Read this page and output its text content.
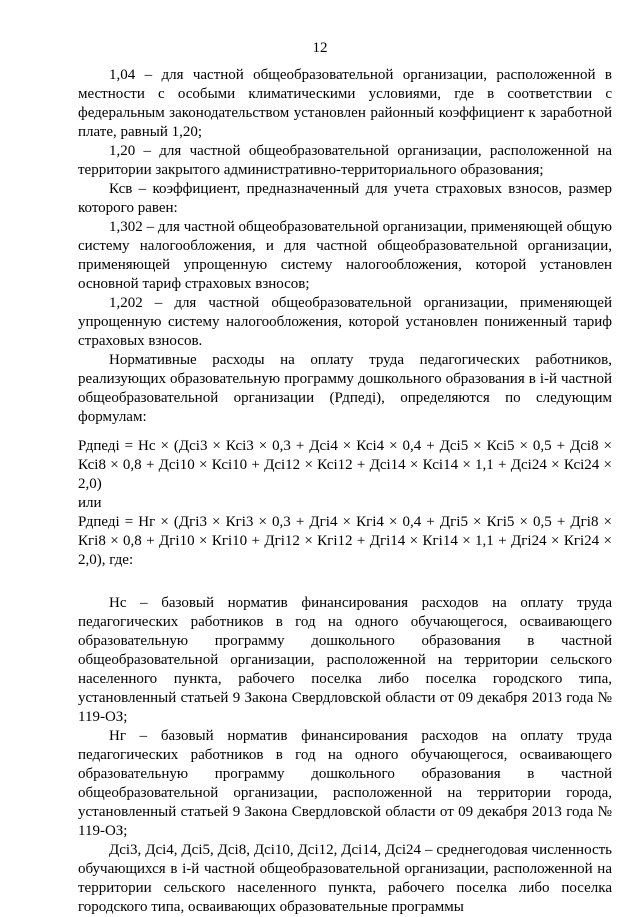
12

1,04 – для частной общеобразовательной организации, расположенной в местности с особыми климатическими условиями, где в соответствии с федеральным законодательством установлен районный коэффициент к заработной плате, равный 1,20;

1,20 – для частной общеобразовательной организации, расположенной на территории закрытого административно-территориального образования;

Ксв – коэффициент, предназначенный для учета страховых взносов, размер которого равен:

1,302 – для частной общеобразовательной организации, применяющей общую систему налогообложения, и для частной общеобразовательной организации, применяющей упрощенную систему налогообложения, которой установлен основной тариф страховых взносов;

1,202 – для частной общеобразовательной организации, применяющей упрощенную систему налогообложения, которой установлен пониженный тариф страховых взносов.

Нормативные расходы на оплату труда педагогических работников, реализующих образовательную программу дошкольного образования в i-й частной общеобразовательной организации (Рдпедi), определяются по следующим формулам:

Рдпедi = Нс × (Дсi3 × Ксi3 × 0,3 + Дсi4 × Ксi4 × 0,4 + Дсi5 × Ксi5 × 0,5 + Дсi8 × Ксi8 × 0,8 + Дсi10 × Ксi10 + Дсi12 × Ксi12 + Дсi14 × Ксi14 × 1,1 + Дсi24 × Ксi24 × 2,0)

или

Рдпедi = Нг × (Дгi3 × Кгi3 × 0,3 + Дгi4 × Кгi4 × 0,4 + Дгi5 × Кгi5 × 0,5 + Дгi8 × Кгi8 × 0,8 + Дгi10 × Кгi10 + Дгi12 × Кгi12 + Дгi14 × Кгi14 × 1,1 + Дгi24 × Кгi24 × 2,0), где:

Нс – базовый норматив финансирования расходов на оплату труда педагогических работников в год на одного обучающегося, осваивающего образовательную программу дошкольного образования в частной общеобразовательной организации, расположенной на территории сельского населенного пункта, рабочего поселка либо поселка городского типа, установленный статьей 9 Закона Свердловской области от 09 декабря 2013 года № 119-ОЗ;

Нг – базовый норматив финансирования расходов на оплату труда педагогических работников в год на одного обучающегося, осваивающего образовательную программу дошкольного образования в частной общеобразовательной организации, расположенной на территории города, установленный статьей 9 Закона Свердловской области от 09 декабря 2013 года № 119-ОЗ;

Дсi3, Дсi4, Дсi5, Дсi8, Дсi10, Дсi12, Дсi14, Дсi24 – среднегодовая численность обучающихся в i-й частной общеобразовательной организации, расположенной на территории сельского населенного пункта, рабочего поселка либо поселка городского типа, осваивающих образовательные программы
